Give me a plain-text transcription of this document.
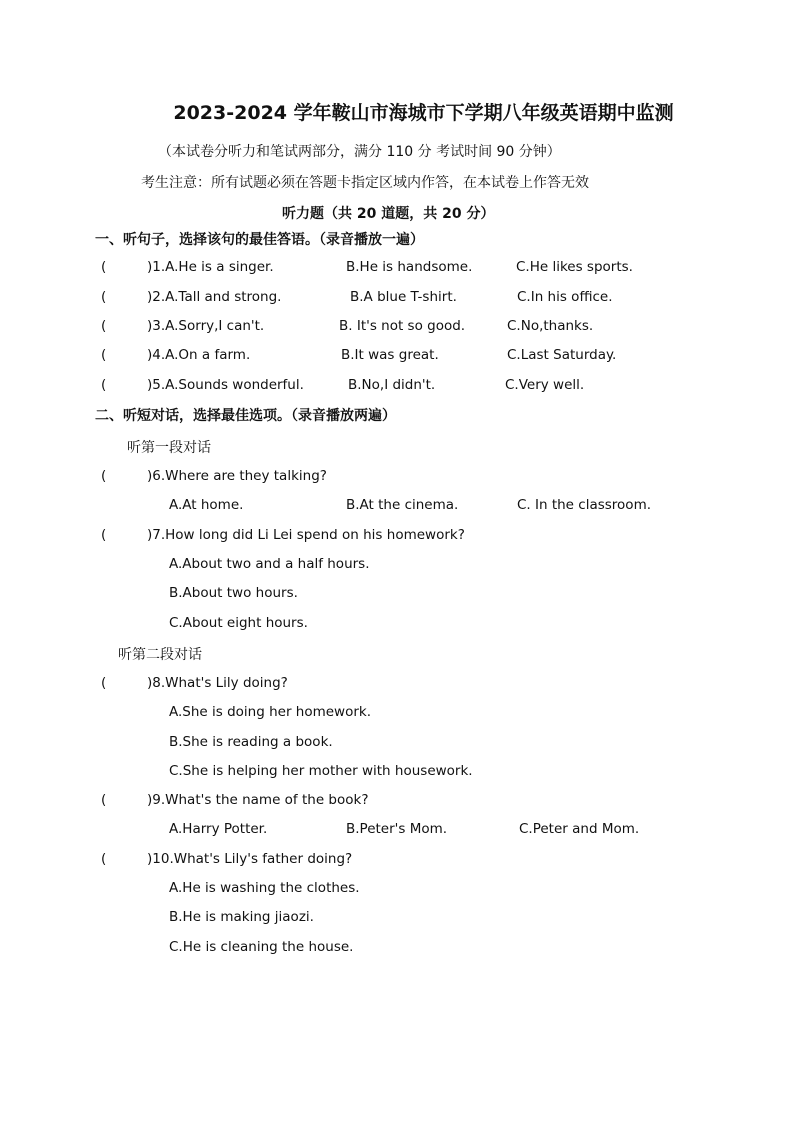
2023-2024 学年鞍山市海城市下学期八年级英语期中监测
（本试卷分听力和笔试两部分，满分 110 分 考试时间 90 分钟）
考生注意：所有试题必须在答题卡指定区域内作答，在本试卷上作答无效
听力题（共 20 道题，共 20 分）
一、听句子，选择该句的最佳答语。（录音播放一遍）
(	)1.A.He is a singer.	B.He is handsome.	C.He likes sports.
(	)2.A.Tall and strong.	B.A blue T-shirt.	C.In his office.
(	)3.A.Sorry,I can't.	B. It's not so good.	C.No,thanks.
(	)4.A.On a farm.	B.It was great.	C.Last Saturday.
(	)5.A.Sounds wonderful.	B.No,I didn't.	C.Very well.
二、听短对话，选择最佳选项。（录音播放两遍）
听第一段对话
(	)6.Where are they talking?
A.At home.	B.At the cinema.	C. In the classroom.
(	)7.How long did Li Lei spend on his homework?
A.About two and a half hours.
B.About two hours.
C.About eight hours.
听第二段对话
(	)8.What's Lily doing?
A.She is doing her homework.
B.She is reading a book.
C.She is helping her mother with housework.
(	)9.What's the name of the book?
A.Harry Potter.	B.Peter's Mom.	C.Peter and Mom.
(	)10.What's Lily's father doing?
A.He is washing the clothes.
B.He is making jiaozi.
C.He is cleaning the house.
